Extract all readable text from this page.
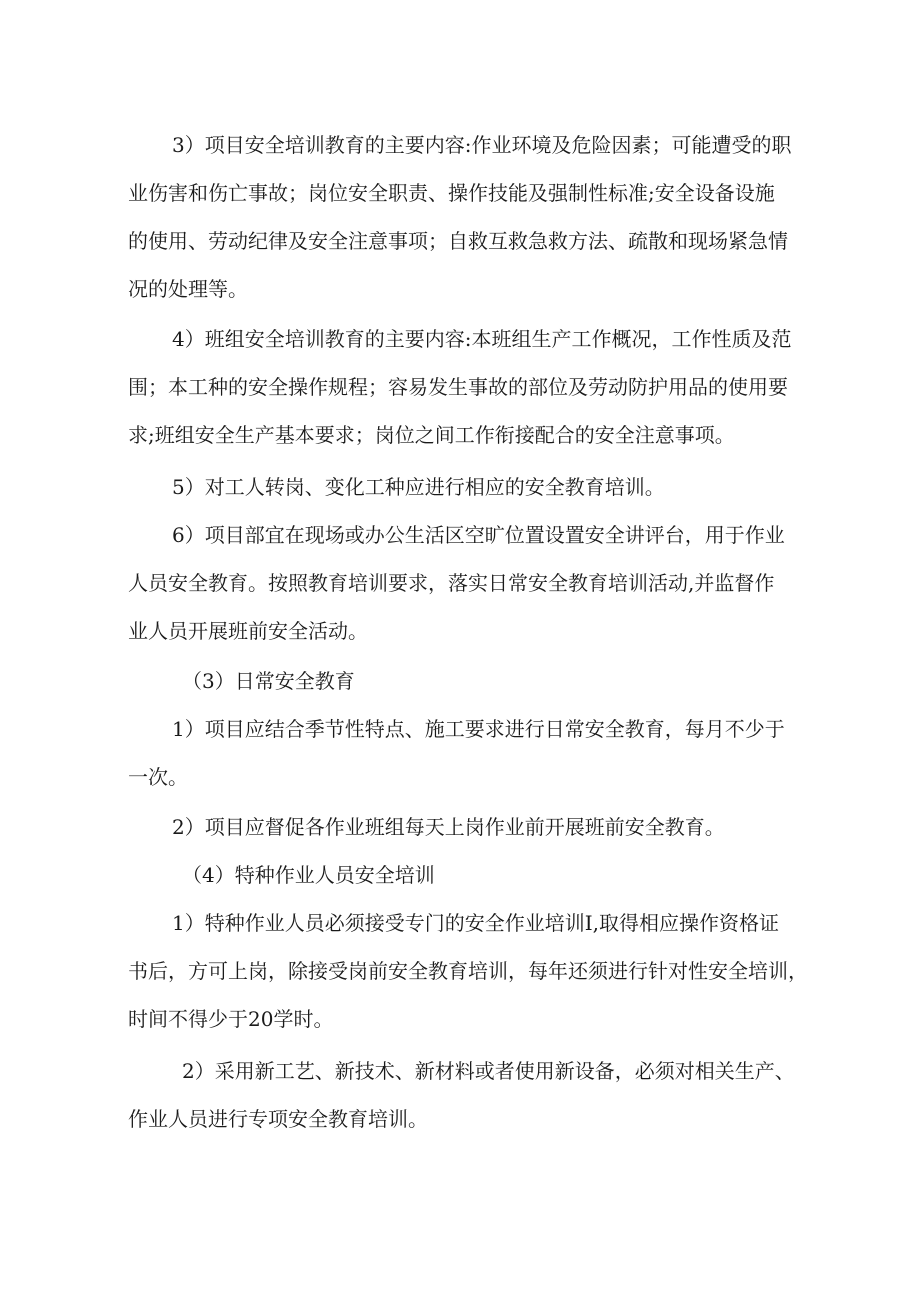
3）项目安全培训教育的主要内容:作业环境及危险因素；可能遭受的职
业伤害和伤亡事故；岗位安全职责、操作技能及强制性标准;安全设备设施
的使用、劳动纪律及安全注意事项；自救互救急救方法、疏散和现场紧急情
况的处理等。
4）班组安全培训教育的主要内容:本班组生产工作概况，工作性质及范
围；本工种的安全操作规程；容易发生事故的部位及劳动防护用品的使用要
求;班组安全生产基本要求；岗位之间工作衔接配合的安全注意事项。
5）对工人转岗、变化工种应进行相应的安全教育培训。
6）项目部宜在现场或办公生活区空旷位置设置安全讲评台，用于作业
人员安全教育。按照教育培训要求，落实日常安全教育培训活动,并监督作
业人员开展班前安全活动。
（3）日常安全教育
1）项目应结合季节性特点、施工要求进行日常安全教育，每月不少于
一次。
2）项目应督促各作业班组每天上岗作业前开展班前安全教育。
（4）特种作业人员安全培训
1）特种作业人员必须接受专门的安全作业培训I,取得相应操作资格证
书后，方可上岗，除接受岗前安全教育培训，每年还须进行针对性安全培训，
时间不得少于20学时。
2）采用新工艺、新技术、新材料或者使用新设备，必须对相关生产、
作业人员进行专项安全教育培训。
